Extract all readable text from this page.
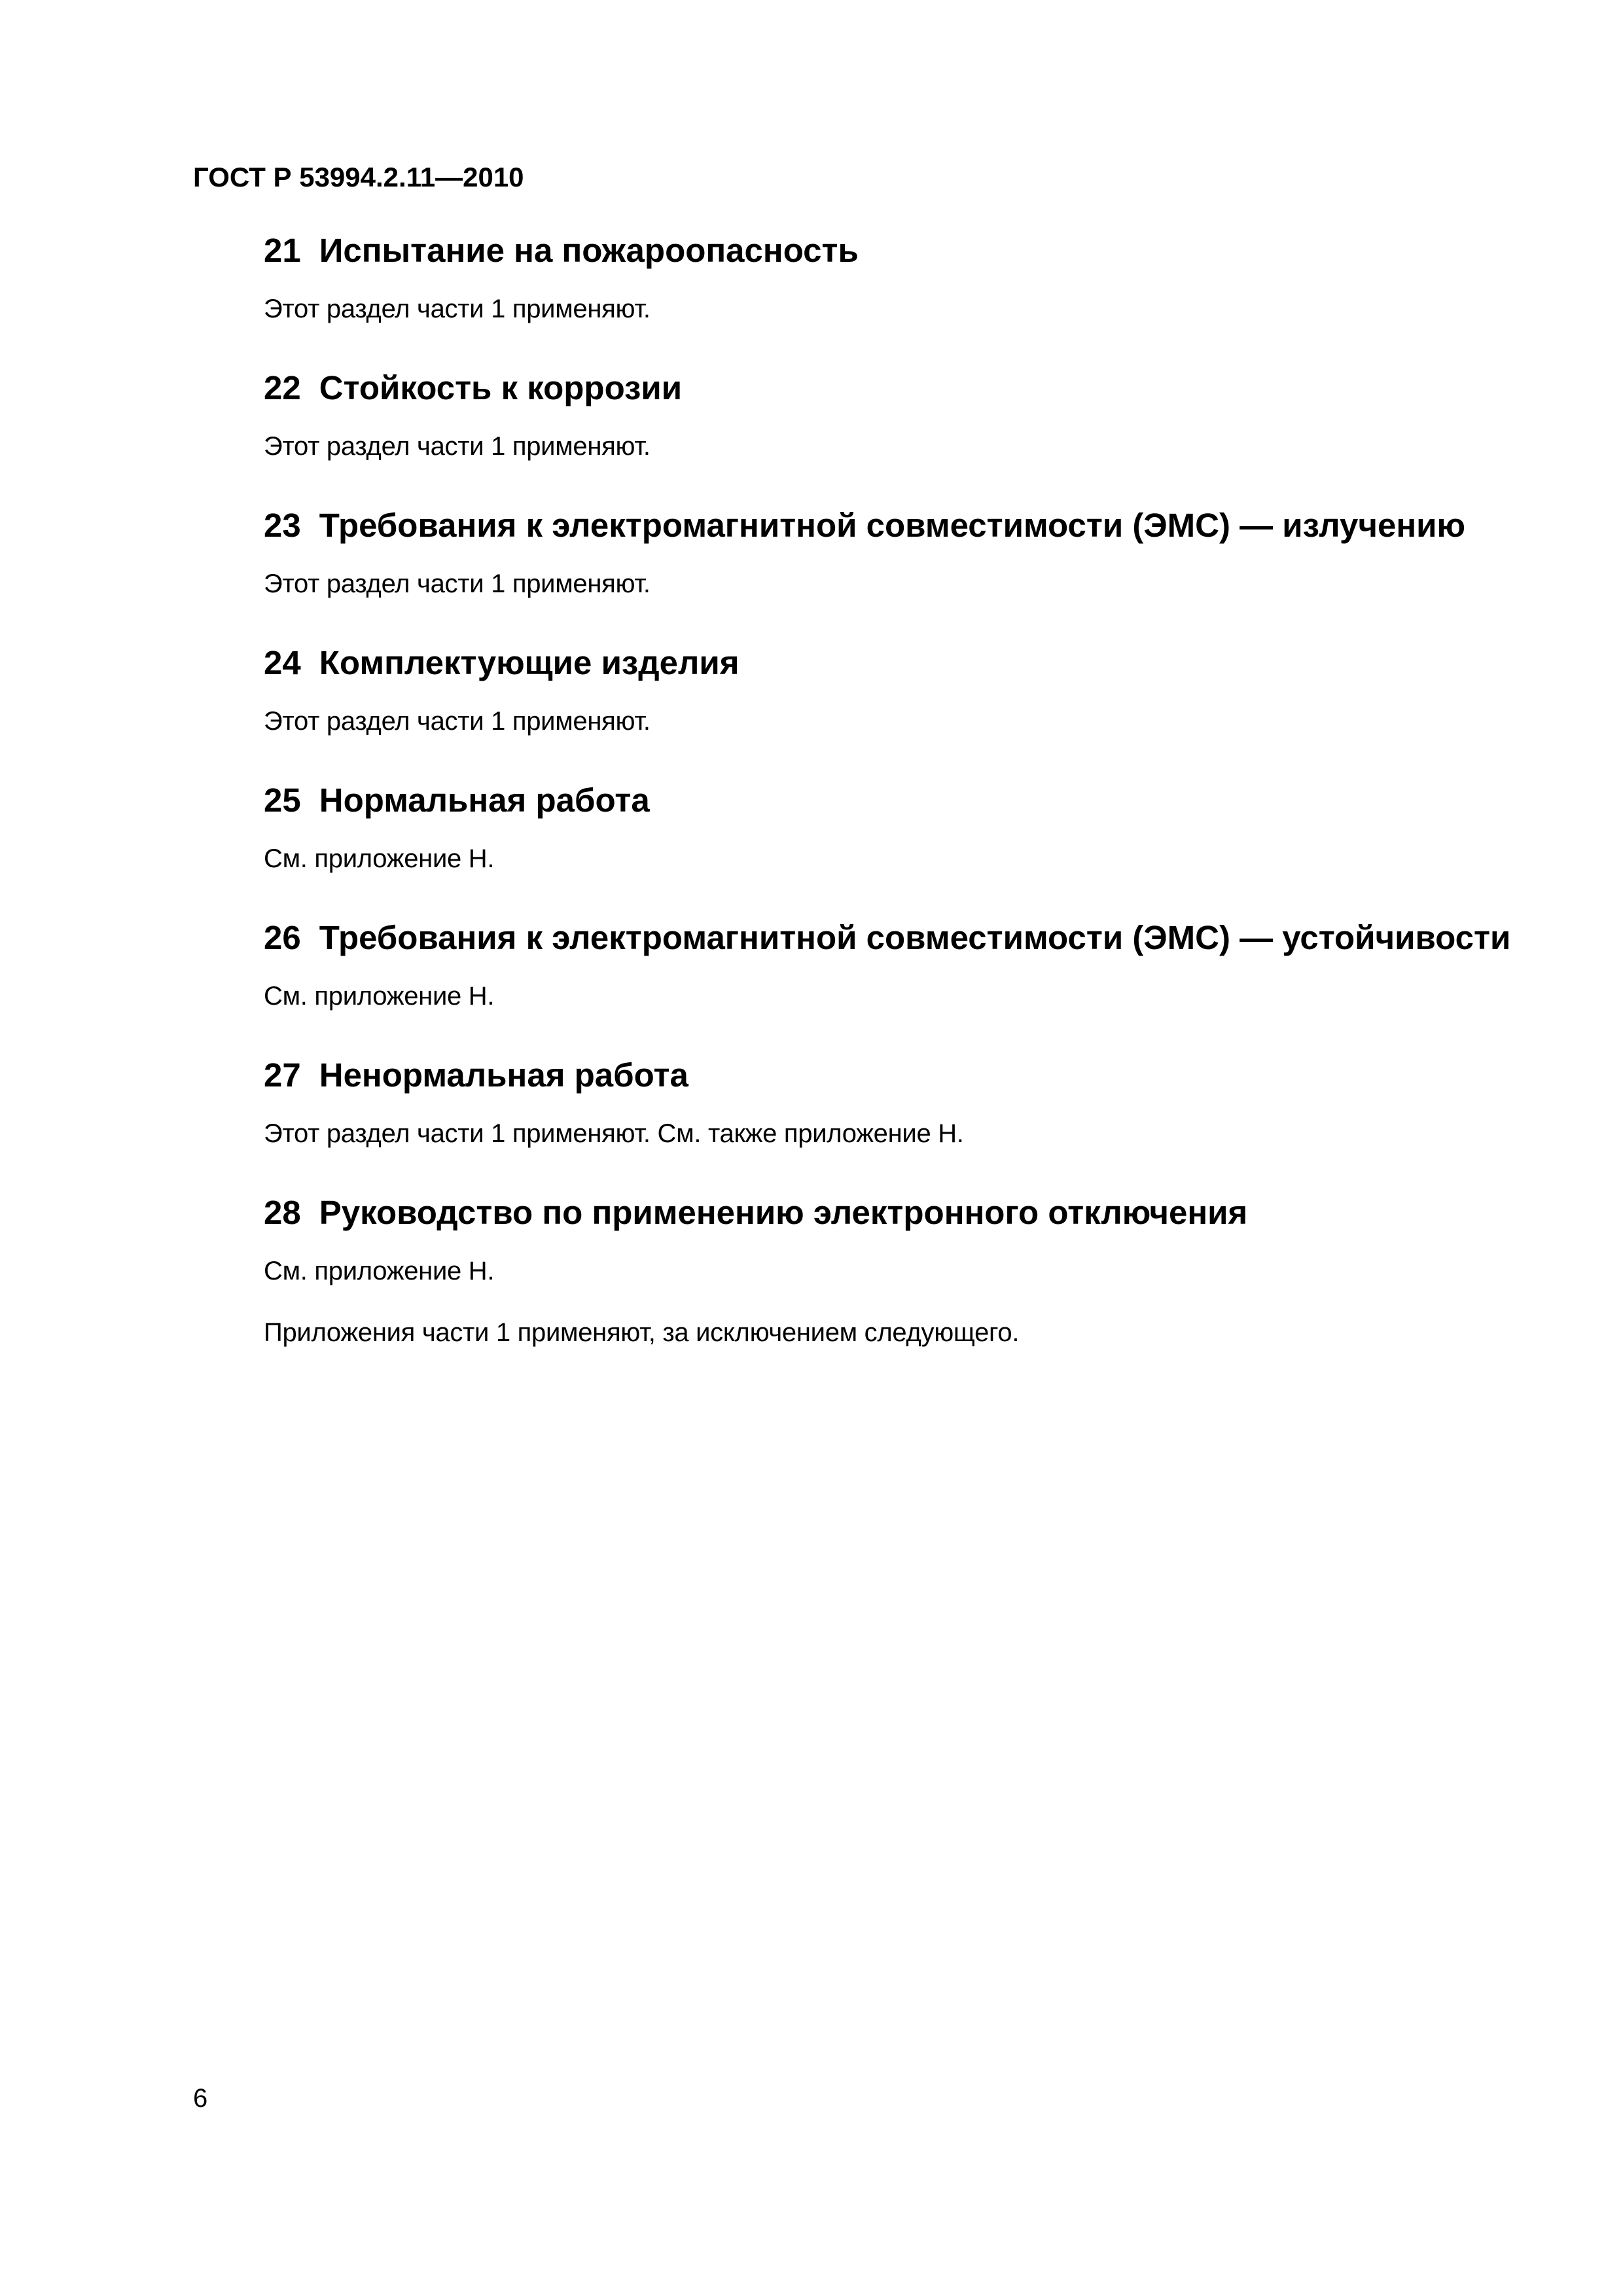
ГОСТ Р 53994.2.11—2010
21 Испытание на пожароопасность
Этот раздел части 1 применяют.
22 Стойкость к коррозии
Этот раздел части 1 применяют.
23 Требования к электромагнитной совместимости (ЭМС) — излучению
Этот раздел части 1 применяют.
24 Комплектующие изделия
Этот раздел части 1 применяют.
25 Нормальная работа
См. приложение Н.
26 Требования к электромагнитной совместимости (ЭМС) — устойчивости
См. приложение Н.
27 Ненормальная работа
Этот раздел части 1 применяют. См. также приложение Н.
28 Руководство по применению электронного отключения
См. приложение Н.
Приложения части 1 применяют, за исключением следующего.
6
